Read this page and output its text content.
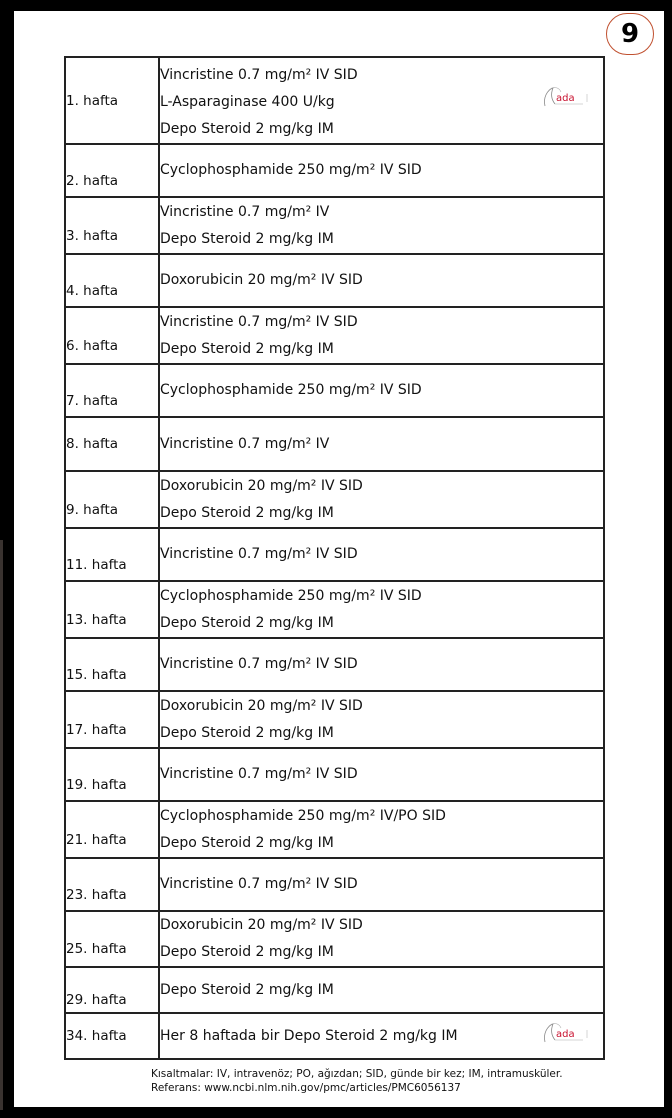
9
1. hafta	Vincristine 0.7 mg/m² IV SID
L-Asparaginase 400 U/kg
Depo Steroid 2 mg/kg IM
ada

2. hafta	Cyclophosphamide 250 mg/m² IV SID

3. hafta	Vincristine 0.7 mg/m² IV
Depo Steroid 2 mg/kg IM

4. hafta	Doxorubicin 20 mg/m² IV SID

6. hafta	Vincristine 0.7 mg/m² IV SID
Depo Steroid 2 mg/kg IM

7. hafta	Cyclophosphamide 250 mg/m² IV SID

8. hafta	Vincristine 0.7 mg/m² IV

9. hafta	Doxorubicin 20 mg/m² IV SID
Depo Steroid 2 mg/kg IM

11. hafta	Vincristine 0.7 mg/m² IV SID

13. hafta	Cyclophosphamide 250 mg/m² IV SID
Depo Steroid 2 mg/kg IM

15. hafta	Vincristine 0.7 mg/m² IV SID

17. hafta	Doxorubicin 20 mg/m² IV SID
Depo Steroid 2 mg/kg IM

19. hafta	Vincristine 0.7 mg/m² IV SID

21. hafta	Cyclophosphamide 250 mg/m² IV/PO SID
Depo Steroid 2 mg/kg IM

23. hafta	Vincristine 0.7 mg/m² IV SID

25. hafta	Doxorubicin 20 mg/m² IV SID
Depo Steroid 2 mg/kg IM

29. hafta	Depo Steroid 2 mg/kg IM

34. hafta	Her 8 haftada bir Depo Steroid 2 mg/kg IM ada
Kısaltmalar: IV, intravenöz; PO, ağızdan; SID, günde bir kez; IM, intramusküler.
Referans: www.ncbi.nlm.nih.gov/pmc/articles/PMC6056137
